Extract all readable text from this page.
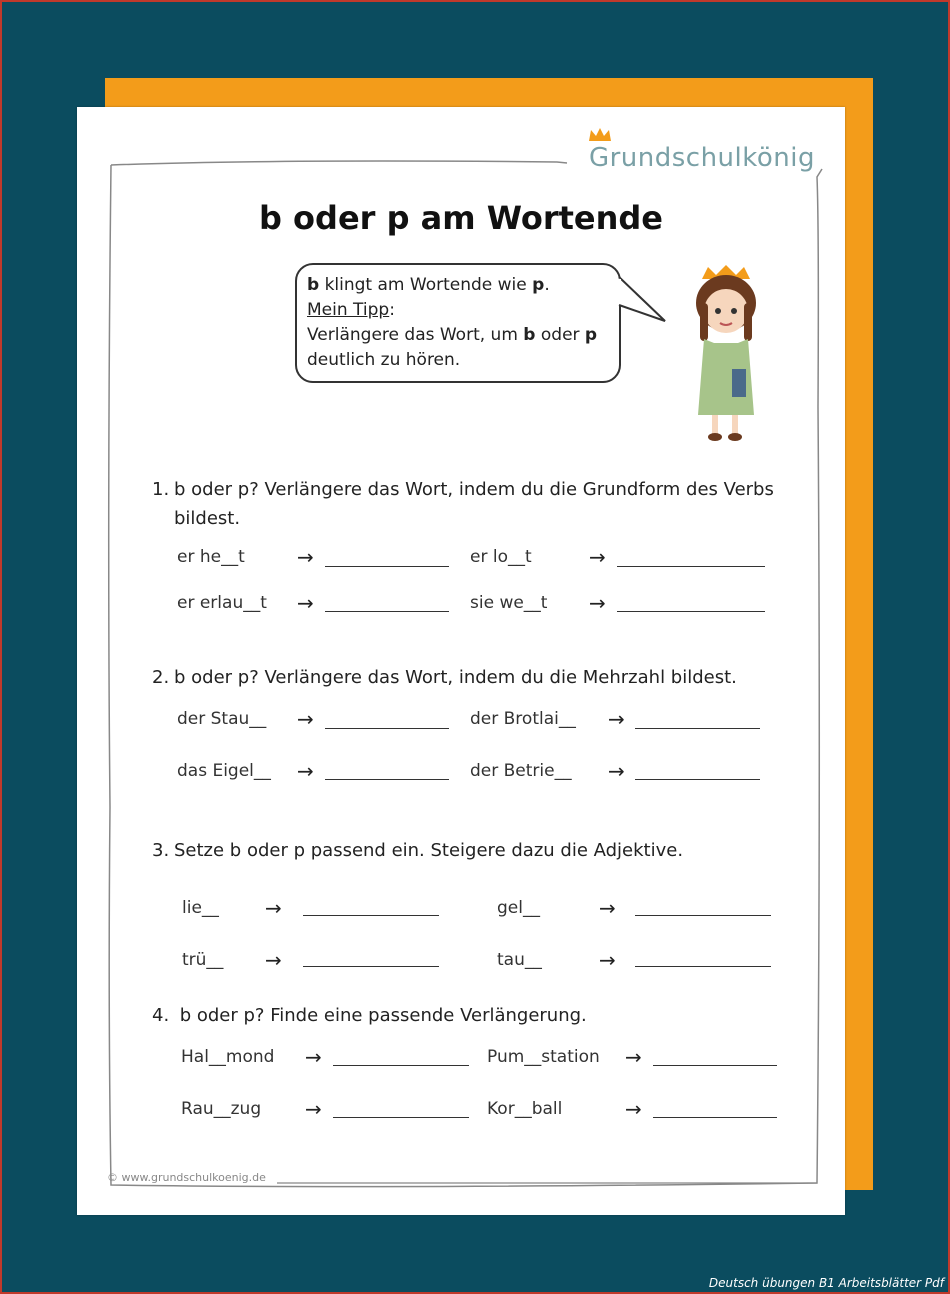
Grundschulkönig
b oder p am Wortende
b klingt am Wortende wie p.
Mein Tipp:
Verlängere das Wort, um b oder p
deutlich zu hören.
1. b oder p? Verlängere das Wort, indem du die Grundform des Verbs
bildest.
er he__t	→	er lo__t	→
er erlau__t →	sie we__t →
2. b oder p? Verlängere das Wort, indem du die Mehrzahl bildest.
der Stau__ →	der Brotlai__ →
das Eigel__ →	der Betrie__ →
3. Setze b oder p passend ein. Steigere dazu die Adjektive.
lie__ →	gel__	→
trü__ →	tau__	→
4. b oder p? Finde eine passende Verlängerung.
Hal__mond →	Pum__station →
Rau__zug →	Kor__ball	→
© www.grundschulkoenig.de
Deutsch übungen B1 Arbeitsblätter Pdf
